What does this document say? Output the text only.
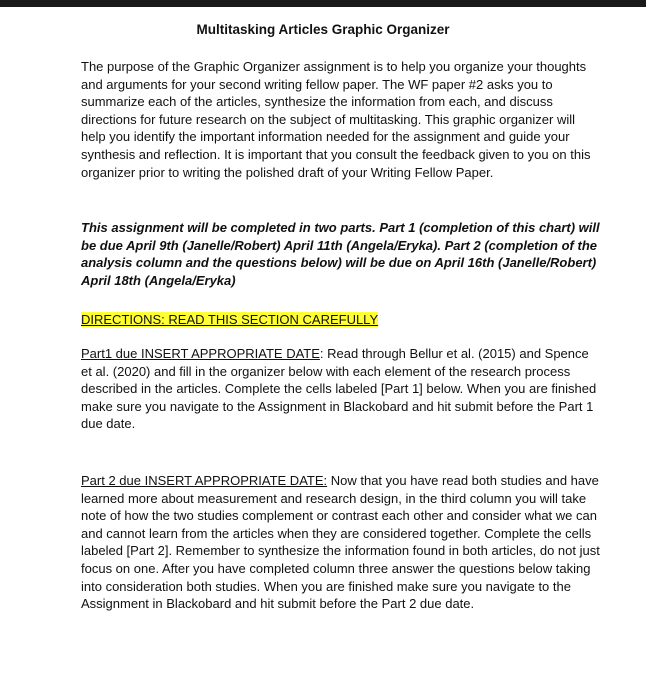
Multitasking Articles Graphic Organizer
The purpose of the Graphic Organizer assignment is to help you organize your thoughts and arguments for your second writing fellow paper. The WF paper #2 asks you to summarize each of the articles, synthesize the information from each, and discuss directions for future research on the subject of multitasking. This graphic organizer will help you identify the important information needed for the assignment and guide your synthesis and reflection. It is important that you consult the feedback given to you on this organizer prior to writing the polished draft of your Writing Fellow Paper.
This assignment will be completed in two parts. Part 1 (completion of this chart) will be due April 9th (Janelle/Robert) April 11th (Angela/Eryka). Part 2 (completion of the analysis column and the questions below) will be due on April 16th (Janelle/Robert) April 18th (Angela/Eryka)
DIRECTIONS: READ THIS SECTION CAREFULLY
Part1 due INSERT APPROPRIATE DATE: Read through Bellur et al. (2015) and Spence et al. (2020) and fill in the organizer below with each element of the research process described in the articles. Complete the cells labeled [Part 1] below. When you are finished make sure you navigate to the Assignment in Blackobard and hit submit before the Part 1 due date.
Part 2 due INSERT APPROPRIATE DATE: Now that you have read both studies and have learned more about measurement and research design, in the third column you will take note of how the two studies complement or contrast each other and consider what we can and cannot learn from the articles when they are considered together. Complete the cells labeled [Part 2]. Remember to synthesize the information found in both articles, do not just focus on one. After you have completed column three answer the questions below taking into consideration both studies. When you are finished make sure you navigate to the Assignment in Blackobard and hit submit before the Part 2 due date.
